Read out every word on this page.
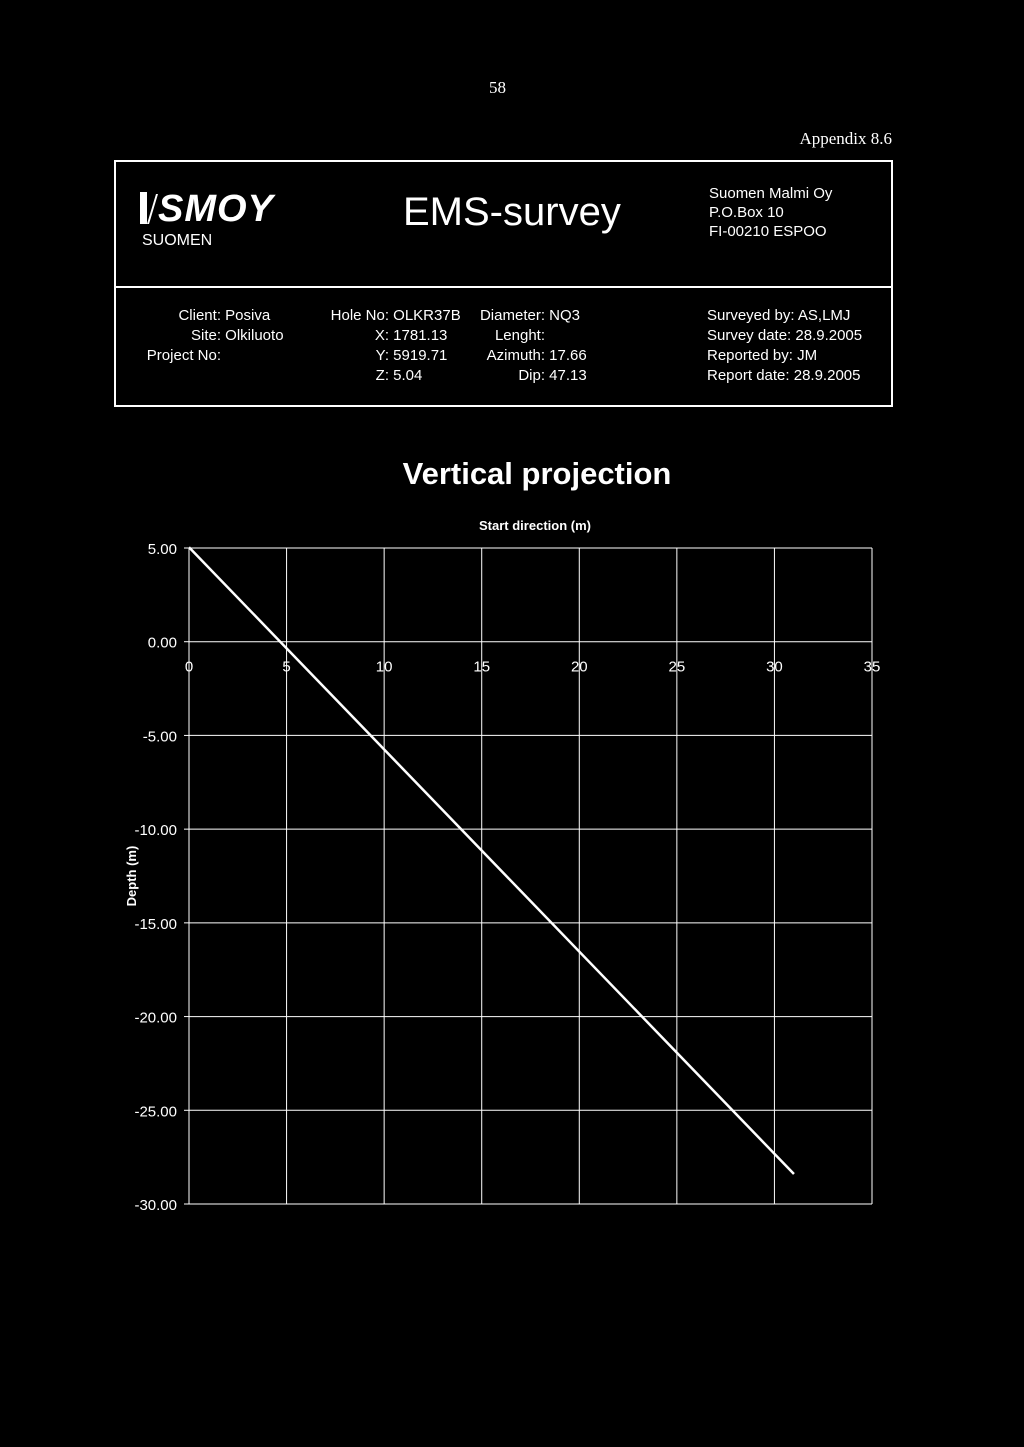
58
Appendix 8.6
SMOY
SUOMEN
EMS-survey	Suomen Malmi Oy
P.O.Box 10
FI-00210 ESPOO
Client: Posiva
Site: Olkiluoto
Project No:
Hole No: OLKR37B
X: 1781.13
Y: 5919.71
Z: 5.04
Diameter: NQ3
Lenght:
Azimuth: 17.66
Dip: 47.13
Surveyed by: AS,LMJ
Survey date: 28.9.2005
Reported by: JM
Report date: 28.9.2005
Vertical projection
Start direction (m)
Depth (m)
5.00
0.00
-5.00
-10.00
-15.00
-20.00
-25.00
-30.00
0	5	10	15	20	25	30	35
